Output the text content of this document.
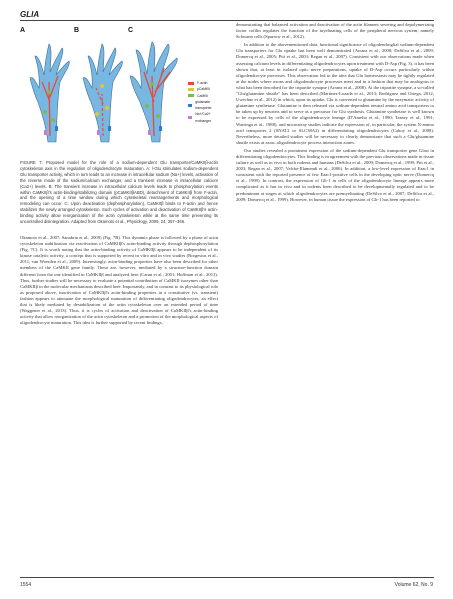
GLIA
A	B	C
F-actin
pCaMKII
CaMKII
glutamate transporter
Na+/Ca2+ exchanger
FIGURE 7: Proposed model for the role of a sodium-dependent Glu transporter/CaMKIIβ-actin cytoskeleton axis in the regulation of oligodendrocyte maturation. A: l-Glu stimulates sodium-dependent Glu transporter activity, which in turn leads to an increase in intracellular sodium (Na+) levels, activation of the reverse mode of the sodium/calcium exchanger, and a transient increase in intracellular calcium (Ca2+) levels. B: The transient increase in intracellular calcium levels leads to phosphorylation events within CaMKIIβ's actin-binding/stabilizing domain (pCaMKIIβABD), detachment of CaMKIIβ from F-actin, and the opening of a time window during which cytoskeletal rearrangements and morphological remodeling can occur. C: Upon deactivation (dephosphorylation), CaMKIIβ binds to F-actin and hence stabilizes the newly arranged cytoskeleton. Such cycles of activation and deactivation of CaMKIIβ's actin-binding activity allow reorganization of the actin cytoskeleton while at the same time preventing its uncontrolled disintegration. Adapted from Okamoto et al., Physiology, 2009, 24, 357–366.

Okamoto et al., 2007; Sanabria et al., 2009) (Fig. 7B). This dynamic phase is followed by a phase of actin cytoskeleton stabilization via reactivation of CaMKIIβ's actin-binding activity through dephosphorylation (Fig. 7C). It is worth noting that the actin-binding activity of CaMKIIβ appears to be independent of its kinase catalytic activity, a concept that is supported by recent in vitro and in vivo studies (Borgesius et al., 2011; van Woerden et al., 2009). Interestingly, actin-binding properties have also been described for other members of the CaMKII gene family. These are, however, mediated by a structure-function domain different from the one identified in CaMKIIβ and analyzed here (Caran et al., 2001; Hoffman et al., 2013). Thus, further studies will be necessary to evaluate a potential contribution of CaMKII isozymes other than CaMKIIβ in the molecular mechanisms described here. Importantly, and in contrast to its physiological role as proposed above, inactivation of CaMKIIβ's actin-binding properties in a constitutive (vs. transient) fashion appears to attenuate the morphological maturation of differentiating oligodendrocytes, an effect that is likely mediated by destabilization of the actin cytoskeleton over an extended period of time (Waggener et al., 2013). Thus, it is cycles of activation and deactivation of CaMKIIβ's actin-binding activity that allow reorganization of the actin cytoskeleton and a promotion of the morphological aspects of oligodendrocyte maturation. This idea is further supported by recent findings,

demonstrating that balanced activation and deactivation of the actin filament severing and depolymerizing factor cofilin regulates the function of the myelinating cells of the peripheral nervous system, namely Schwann cells (Sparrow et al., 2012).

In addition to the abovementioned data, functional significance of oligodendroglial sodium-dependent Glu transporters for Glu uptake has been well demonstrated (Arranz et al., 2008; DeSilva et al., 2009; Domercq et al., 2005; Pitt et al., 2003; Regan et al., 2007). Consistent with our observations made when assessing calcium levels in differentiating oligodendrocytes upon treatment with D-Asp (Fig. 3), it has been shown that, at least in isolated optic nerve preparations, uptake of D-Asp occurs particularly within oligodendrocyte processes. This observation led to the idea that Glu homeostasis may be tightly regulated at the nodes where axons and oligodendrocyte processes meet and in a fashion that may be analogous to what has been described for the tripartite synapse (Arranz et al., 2008). At the tripartite synapse, a so-called "Glu/glutamine shuttle" has been described (Martinez-Lozada et al., 2013; Rodriguez and Ortega, 2012; Uwechue et al., 2012) in which, upon its uptake, Glu is converted to glutamine by the enzymatic activity of glutamine synthetase. Glutamine is then released via sodium-dependent neutral amino acid transporters to be taken up by neurons and to serve as a precursor for Glu synthesis. Glutamine synthetase is well known to be expressed by cells of the oligodendrocyte lineage (D'Amelio et al., 1990; Tansey et al., 1991; Warringa et al., 1988), and microarray studies indicate the expression of, in particular, the system N-amino acid transporter 2 (SNAT2 or SLC38A2) in differentiating oligodendrocytes (Cahoy et al., 2008). Nevertheless, more detailed studies will be necessary to clearly demonstrate that such a Glu/glutamine shuttle exists at axon–oligodendrocyte process interaction zones.

Our studies revealed a prominent expression of the sodium-dependent Glu transporter gene Glast in differentiating oligodendrocytes. This finding is in agreement with the previous observations made in tissue culture as well as in vivo in both rodents and humans (DeSilva et al., 2009; Domercq et al., 1999; Pitt et al., 2003; Regan et al., 2007; Valcke-Illamendi et al., 2006). In addition, a low-level expression of Eaac1 in consistent with the reported presence of few Eaac1-positive cells in the developing optic nerve (Domercq et al., 1999). In contrast, the expression of Glt-1 in cells of the oligodendrocyte lineage appears more complicated as it has in vivo and in rodents been described to be developmentally regulated and to be predominant at stages at which oligodendrocytes are premyelinating (DeSilva et al., 2007; DeSilva et al., 2009; Domercq et al., 1999). However, in human tissue the expression of Glt-1 has been reported to

1554	Volume 62, No. 9
